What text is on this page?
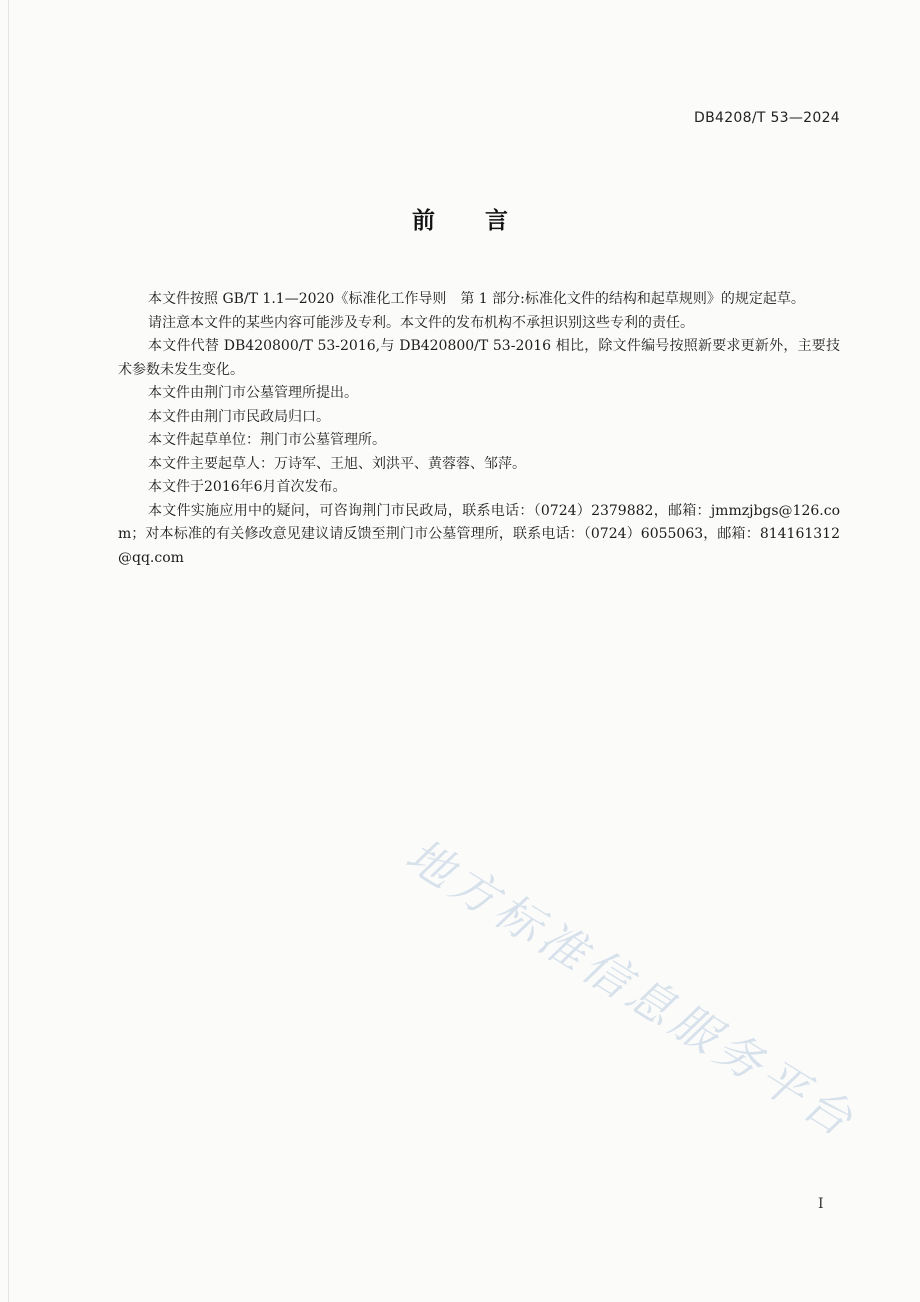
DB4208/T 53—2024
前 言

本文件按照 GB/T 1.1—2020《标准化工作导则　第 1 部分:标准化文件的结构和起草规则》的规定起草。

请注意本文件的某些内容可能涉及专利。本文件的发布机构不承担识别这些专利的责任。

本文件代替 DB420800/T 53-2016,与 DB420800/T 53-2016 相比，除文件编号按照新要求更新外，主要技术参数未发生变化。

本文件由荆门市公墓管理所提出。

本文件由荆门市民政局归口。

本文件起草单位：荆门市公墓管理所。

本文件主要起草人：万诗军、王旭、刘洪平、黄蓉蓉、邹萍。

本文件于2016年6月首次发布。

本文件实施应用中的疑问，可咨询荆门市民政局，联系电话：（0724）2379882，邮箱：jmmzjbgs@126.com；对本标准的有关修改意见建议请反馈至荆门市公墓管理所，联系电话：（0724）6055063，邮箱：814161312@qq.com

地方标准信息服务平台
I
